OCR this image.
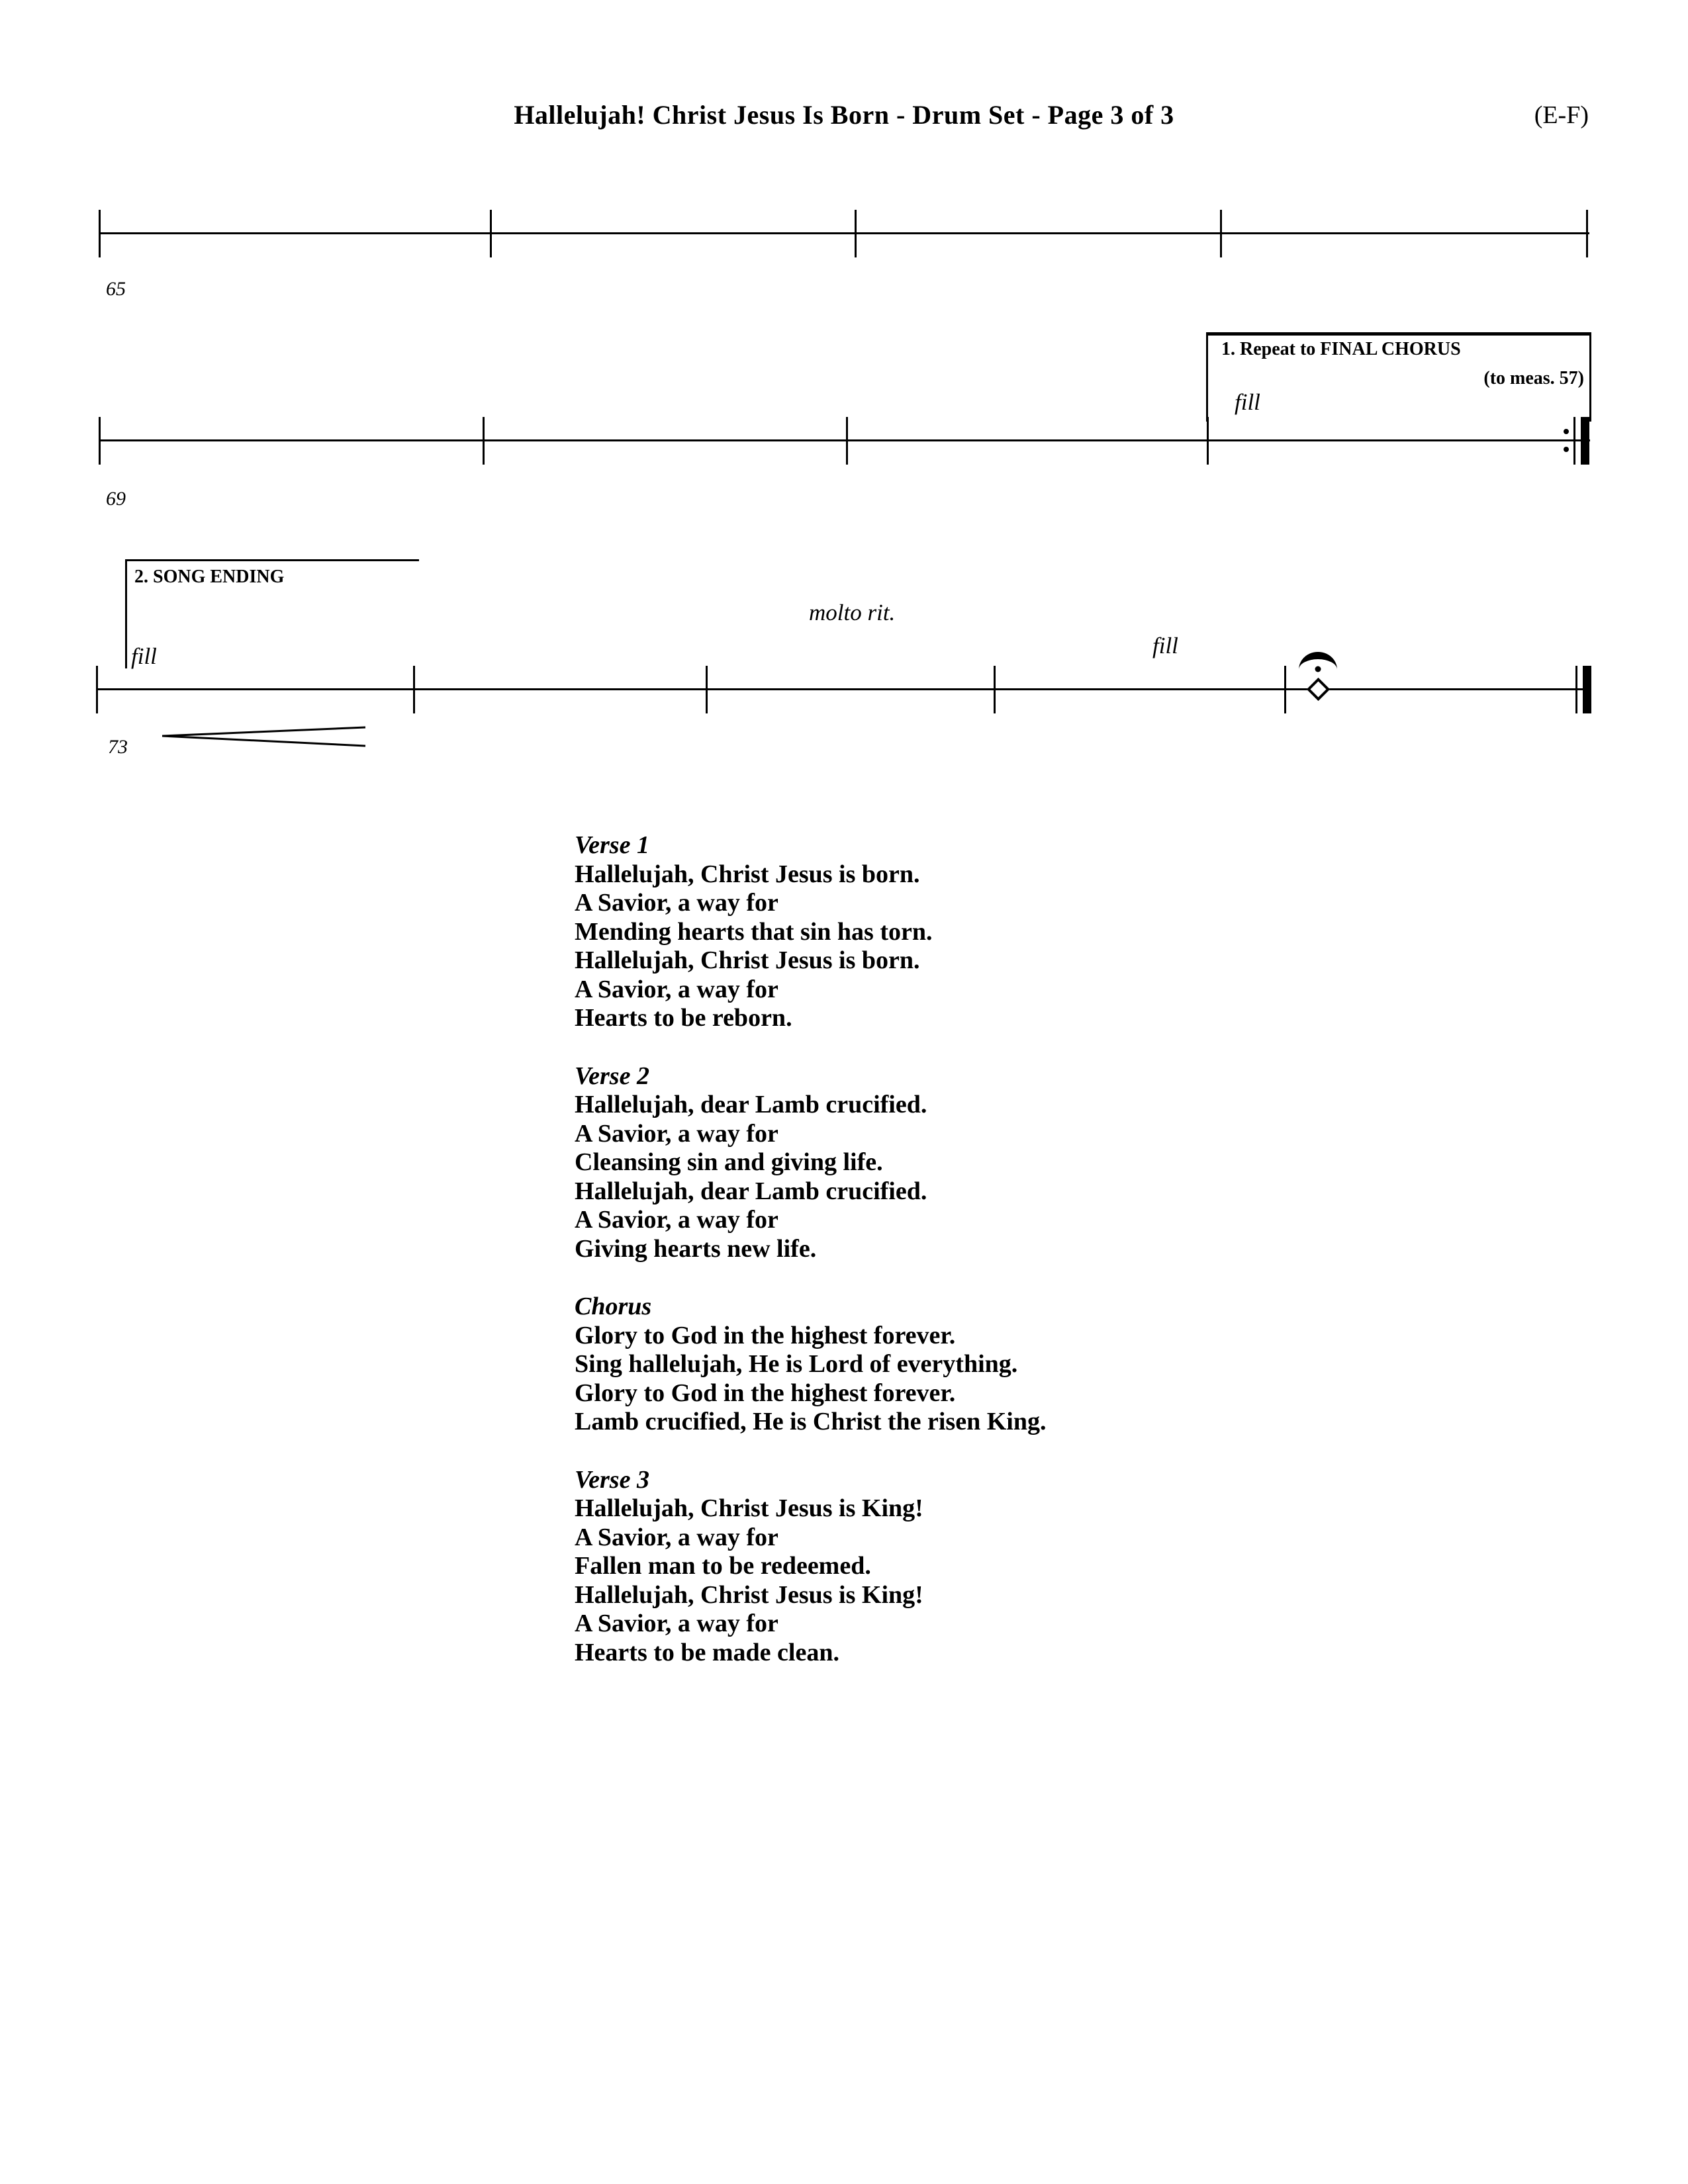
Hallelujah! Christ Jesus Is Born - Drum Set - Page 3 of 3	(E-F)
65
1. Repeat to FINAL CHORUS
(to meas. 57)
fill
69
2. SONG ENDING
fill
molto rit.
fill
73
Verse 1
Hallelujah, Christ Jesus is born.
A Savior, a way for
Mending hearts that sin has torn.
Hallelujah, Christ Jesus is born.
A Savior, a way for
Hearts to be reborn.
Verse 2
Hallelujah, dear Lamb crucified.
A Savior, a way for
Cleansing sin and giving life.
Hallelujah, dear Lamb crucified.
A Savior, a way for
Giving hearts new life.
Chorus
Glory to God in the highest forever.
Sing hallelujah, He is Lord of everything.
Glory to God in the highest forever.
Lamb crucified, He is Christ the risen King.
Verse 3
Hallelujah, Christ Jesus is King!
A Savior, a way for
Fallen man to be redeemed.
Hallelujah, Christ Jesus is King!
A Savior, a way for
Hearts to be made clean.
